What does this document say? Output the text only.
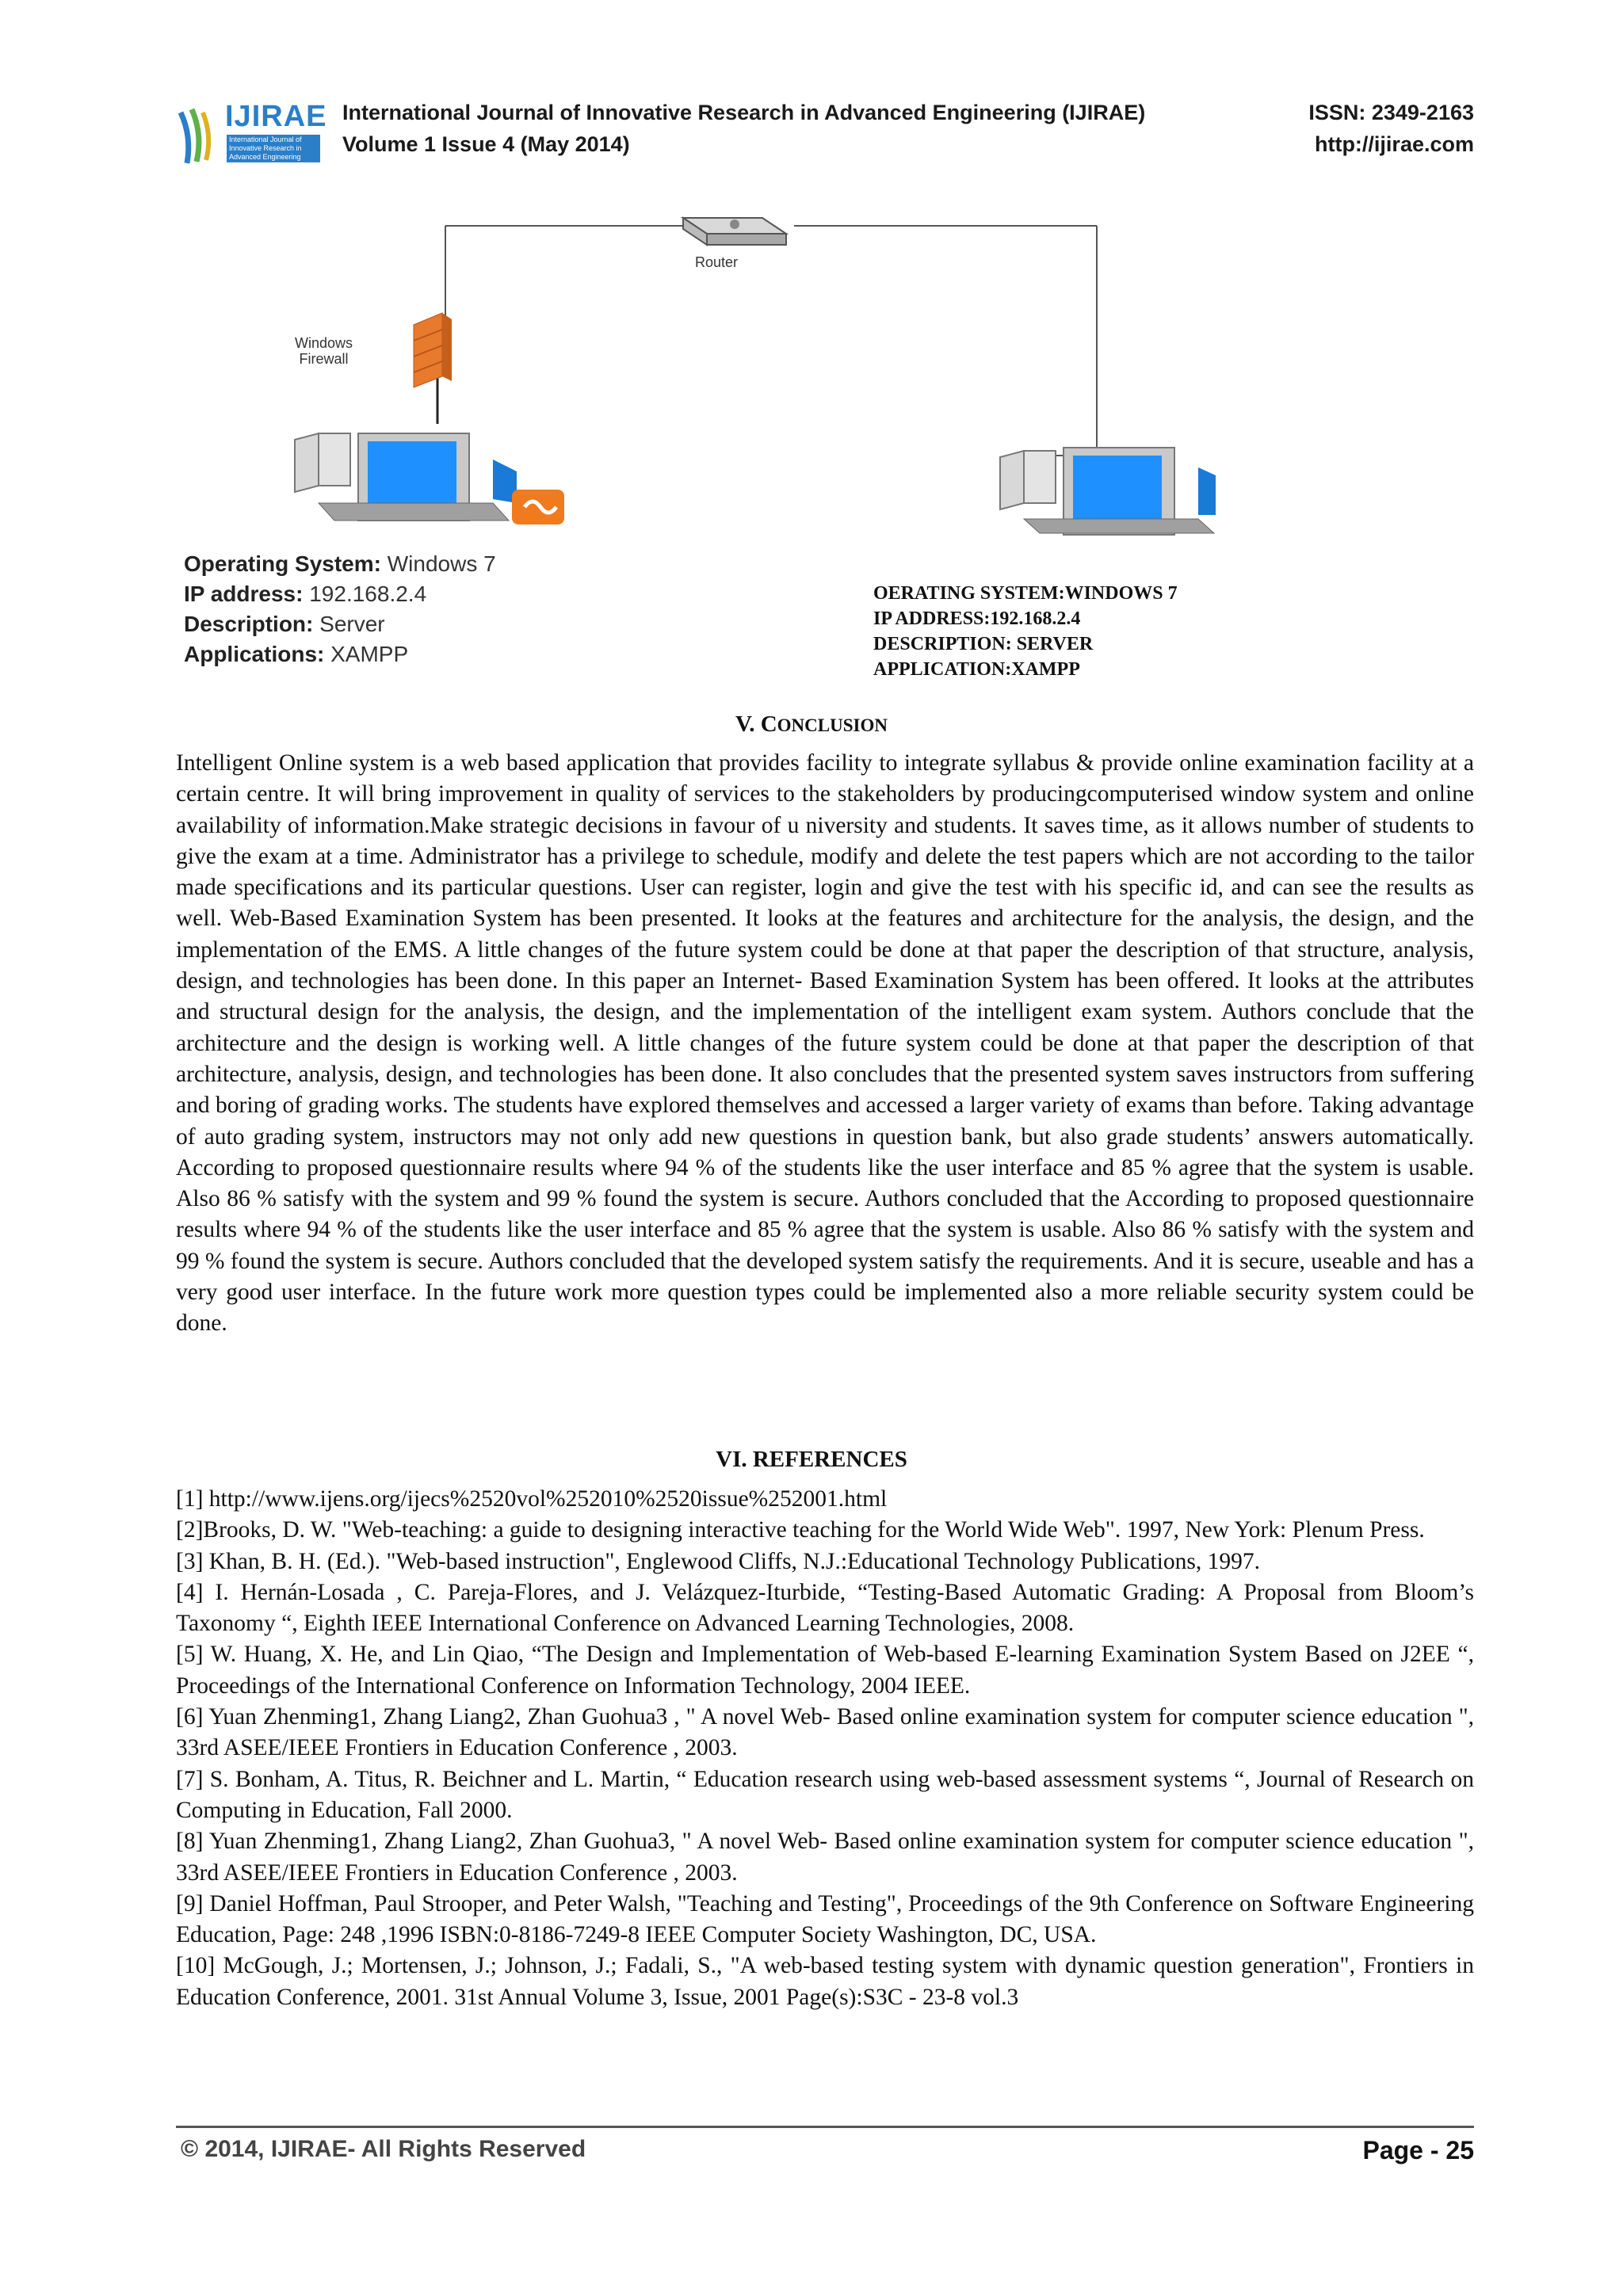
IJIRAE
International Journal of Innovative Research in Advanced Engineering
International Journal of Innovative Research in Advanced Engineering (IJIRAE)
Volume 1 Issue 4 (May 2014)
ISSN: 2349-2163
http://ijirae.com
Router
Windows
Firewall
Operating System: Windows 7
IP address: 192.168.2.4
Description: Server
Applications: XAMPP
OERATING SYSTEM:WINDOWS 7
IP ADDRESS:192.168.2.4
DESCRIPTION: SERVER
APPLICATION:XAMPP
V. CONCLUSION
Intelligent Online system is a web based application that provides facility to integrate syllabus & provide online examination facility at a certain centre. It will bring improvement in quality of services to the stakeholders by producingcomputerised window system and online availability of information.Make strategic decisions in favour of u niversity and students. It saves time, as it allows number of students to give the exam at a time. Administrator has a privilege to schedule, modify and delete the test papers which are not according to the tailor made specifications and its particular questions. User can register, login and give the test with his specific id, and can see the results as well. Web-Based Examination System has been presented. It looks at the features and architecture for the analysis, the design, and the implementation of the EMS. A little changes of the future system could be done at that paper the description of that structure, analysis, design, and technologies has been done. In this paper an Internet- Based Examination System has been offered. It looks at the attributes and structural design for the analysis, the design, and the implementation of the intelligent exam system. Authors conclude that the architecture and the design is working well. A little changes of the future system could be done at that paper the description of that architecture, analysis, design, and technologies has been done. It also concludes that the presented system saves instructors from suffering and boring of grading works. The students have explored themselves and accessed a larger variety of exams than before. Taking advantage of auto grading system, instructors may not only add new questions in question bank, but also grade students’ answers automatically. According to proposed questionnaire results where 94 % of the students like the user interface and 85 % agree that the system is usable. Also 86 % satisfy with the system and 99 % found the system is secure. Authors concluded that the According to proposed questionnaire results where 94 % of the students like the user interface and 85 % agree that the system is usable. Also 86 % satisfy with the system and 99 % found the system is secure. Authors concluded that the developed system satisfy the requirements. And it is secure, useable and has a very good user interface. In the future work more question types could be implemented also a more reliable security system could be done.
VI. REFERENCES

[1] http://www.ijens.org/ijecs%2520vol%252010%2520issue%252001.html

[2]Brooks, D. W. "Web-teaching: a guide to designing interactive teaching for the World Wide Web". 1997, New York: Plenum Press.

[3] Khan, B. H. (Ed.). "Web-based instruction", Englewood Cliffs, N.J.:Educational Technology Publications, 1997.

[4] I. Hernán-Losada , C. Pareja-Flores, and J. Velázquez-Iturbide, “Testing-Based Automatic Grading: A Proposal from Bloom’s Taxonomy “, Eighth IEEE International Conference on Advanced Learning Technologies, 2008.

[5] W. Huang, X. He, and Lin Qiao, “The Design and Implementation of Web-based E-learning Examination System Based on J2EE “, Proceedings of the International Conference on Information Technology, 2004 IEEE.

[6] Yuan Zhenming1, Zhang Liang2, Zhan Guohua3 , " A novel Web- Based online examination system for computer science education ", 33rd ASEE/IEEE Frontiers in Education Conference , 2003.

[7] S. Bonham, A. Titus, R. Beichner and L. Martin, “ Education research using web-based assessment systems “, Journal of Research on Computing in Education, Fall 2000.

[8] Yuan Zhenming1, Zhang Liang2, Zhan Guohua3, " A novel Web- Based online examination system for computer science education ", 33rd ASEE/IEEE Frontiers in Education Conference , 2003.

[9] Daniel Hoffman, Paul Strooper, and Peter Walsh, "Teaching and Testing", Proceedings of the 9th Conference on Software Engineering Education, Page: 248 ,1996 ISBN:0-8186-7249-8 IEEE Computer Society Washington, DC, USA.

[10] McGough, J.; Mortensen, J.; Johnson, J.; Fadali, S., "A web-based testing system with dynamic question generation", Frontiers in Education Conference, 2001. 31st Annual Volume 3, Issue, 2001 Page(s):S3C - 23-8 vol.3

© 2014, IJIRAE- All Rights Reserved	Page - 25
